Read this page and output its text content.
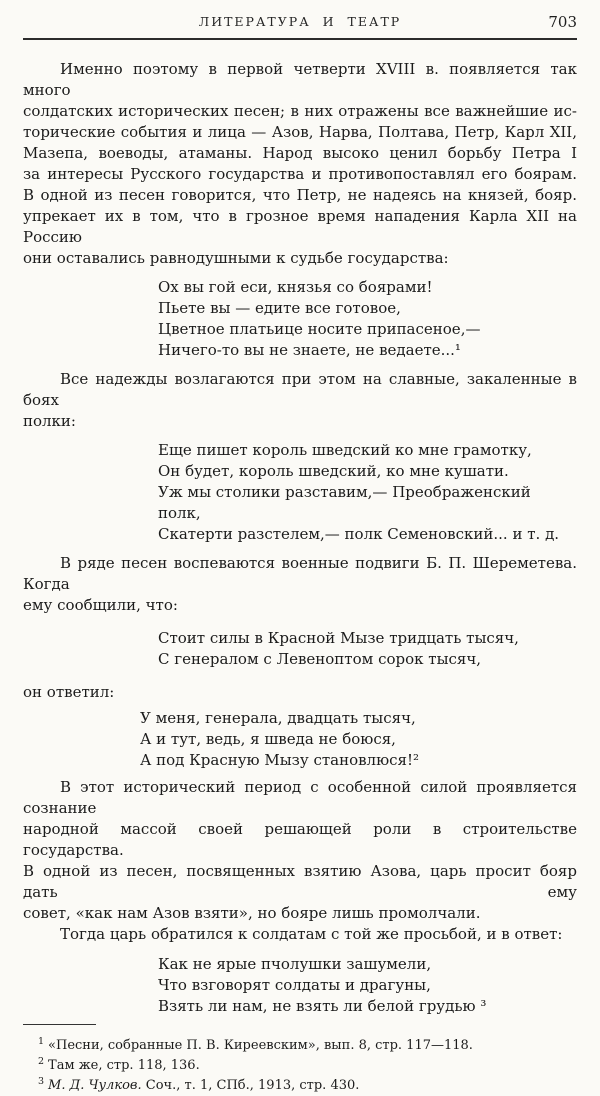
ЛИТЕРАТУРА И ТЕАТР	703
Именно поэтому в первой четверти XVIII в. появляется так много
солдатских исторических песен; в них отражены все важнейшие ис-
торические события и лица — Азов, Нарва, Полтава, Петр, Карл XII,
Мазепа, воеводы, атаманы. Народ высоко ценил борьбу Петра I
за интересы Русского государства и противопоставлял его боярам.
В одной из песен говорится, что Петр, не надеясь на князей, бояр.
упрекает их в том, что в грозное время нападения Карла XII на Россию
они оставались равнодушными к судьбе государства:
Ох вы гой еси, князья со боярами!
Пьете вы — едите все готовое,
Цветное платьице носите припасеное,—
Ничего-то вы не знаете, не ведаете...¹
Все надежды возлагаются при этом на славные, закаленные в боях
полки:
Еще пишет король шведский ко мне грамотку,
Он будет, король шведский, ко мне кушати.
Уж мы столики разставим,— Преображенский полк,
Скатерти разстелем,— полк Семеновский... и т. д.
В ряде песен воспеваются военные подвиги Б. П. Шереметева. Когда
ему сообщили, что:
Стоит силы в Красной Мызе тридцать тысяч,
С генералом с Левеноптом сорок тысяч,
он ответил:
У меня, генерала, двадцать тысяч,
А и тут, ведь, я шведа не боюся,
А под Красную Мызу становлюся!²
В этот исторический период с особенной силой проявляется сознание
народной массой своей решающей роли в строительстве государства.
В одной из песен, посвященных взятию Азова, царь просит бояр дать ему
совет, «как нам Азов взяти», но бояре лишь промолчали.
Тогда царь обратился к солдатам с той же просьбой, и в ответ:
Как не ярые пчолушки зашумели,
Что взговорят солдаты и драгуны,
Взять ли нам, не взять ли белой грудью ³
$^1$ «Песни, собранные П. В. Киреевским», вып. 8, стр. 117—118.
$^2$ Там же, стр. 118, 136.
$^3$ М. Д. Чулков. Соч., т. 1, СПб., 1913, стр. 430.
